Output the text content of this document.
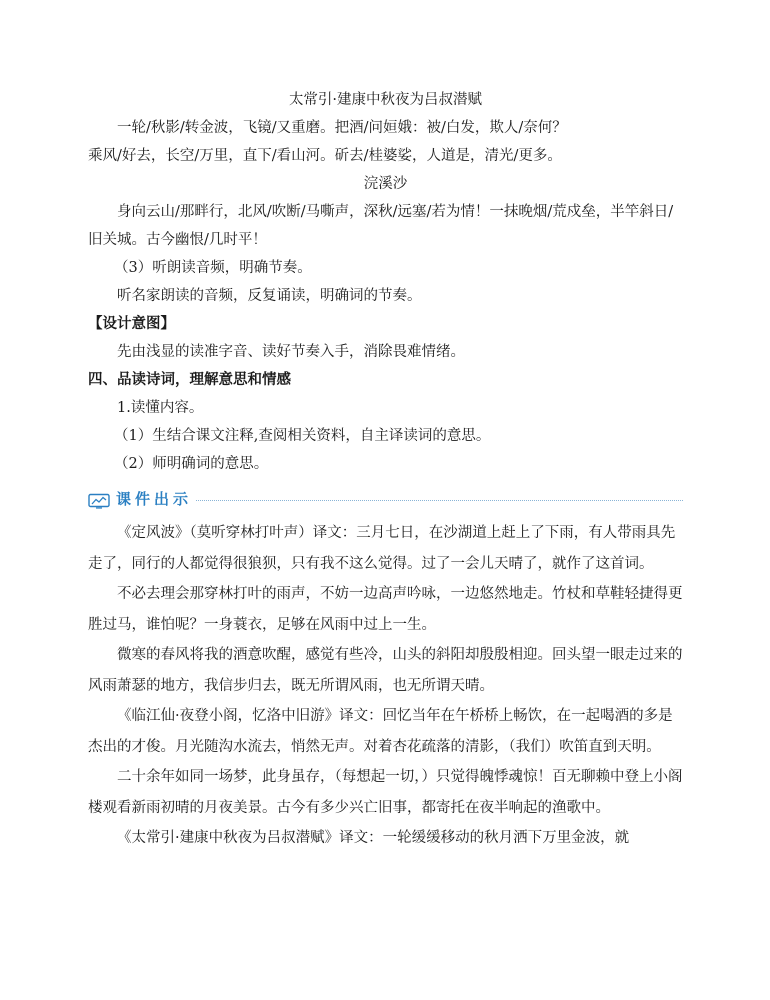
太常引·建康中秋夜为吕叔潜赋

一轮/秋影/转金波，飞镜/又重磨。把酒/问姮娥：被/白发，欺人/奈何？

乘风/好去，长空/万里，直下/看山河。斫去/桂婆娑，人道是，清光/更多。

浣溪沙

身向云山/那畔行，北风/吹断/马嘶声，深秋/远塞/若为情！一抹晚烟/荒戍垒，半竿斜日/旧关城。古今幽恨/几时平！

（3）听朗读音频，明确节奏。

听名家朗读的音频，反复诵读，明确词的节奏。

【设计意图】

先由浅显的读准字音、读好节奏入手，消除畏难情绪。

四、品读诗词，理解意思和情感

1.读懂内容。

（1）生结合课文注释,查阅相关资料，自主译读词的意思。

（2）师明确词的意思。

课件出示

《定风波》（莫听穿林打叶声）译文：三月七日，在沙湖道上赶上了下雨，有人带雨具先走了，同行的人都觉得很狼狈，只有我不这么觉得。过了一会儿天晴了，就作了这首词。

不必去理会那穿林打叶的雨声，不妨一边高声吟咏，一边悠然地走。竹杖和草鞋轻捷得更胜过马，谁怕呢？一身蓑衣，足够在风雨中过上一生。

微寒的春风将我的酒意吹醒，感觉有些冷，山头的斜阳却殷殷相迎。回头望一眼走过来的风雨萧瑟的地方，我信步归去，既无所谓风雨，也无所谓天晴。

《临江仙·夜登小阁，忆洛中旧游》译文：回忆当年在午桥桥上畅饮，在一起喝酒的多是杰出的才俊。月光随沟水流去，悄然无声。对着杏花疏落的清影，（我们）吹笛直到天明。

二十余年如同一场梦，此身虽存，（每想起一切，）只觉得魄悸魂惊！百无聊赖中登上小阁楼观看新雨初晴的月夜美景。古今有多少兴亡旧事，都寄托在夜半响起的渔歌中。

《太常引·建康中秋夜为吕叔潜赋》译文：一轮缓缓移动的秋月洒下万里金波，就
